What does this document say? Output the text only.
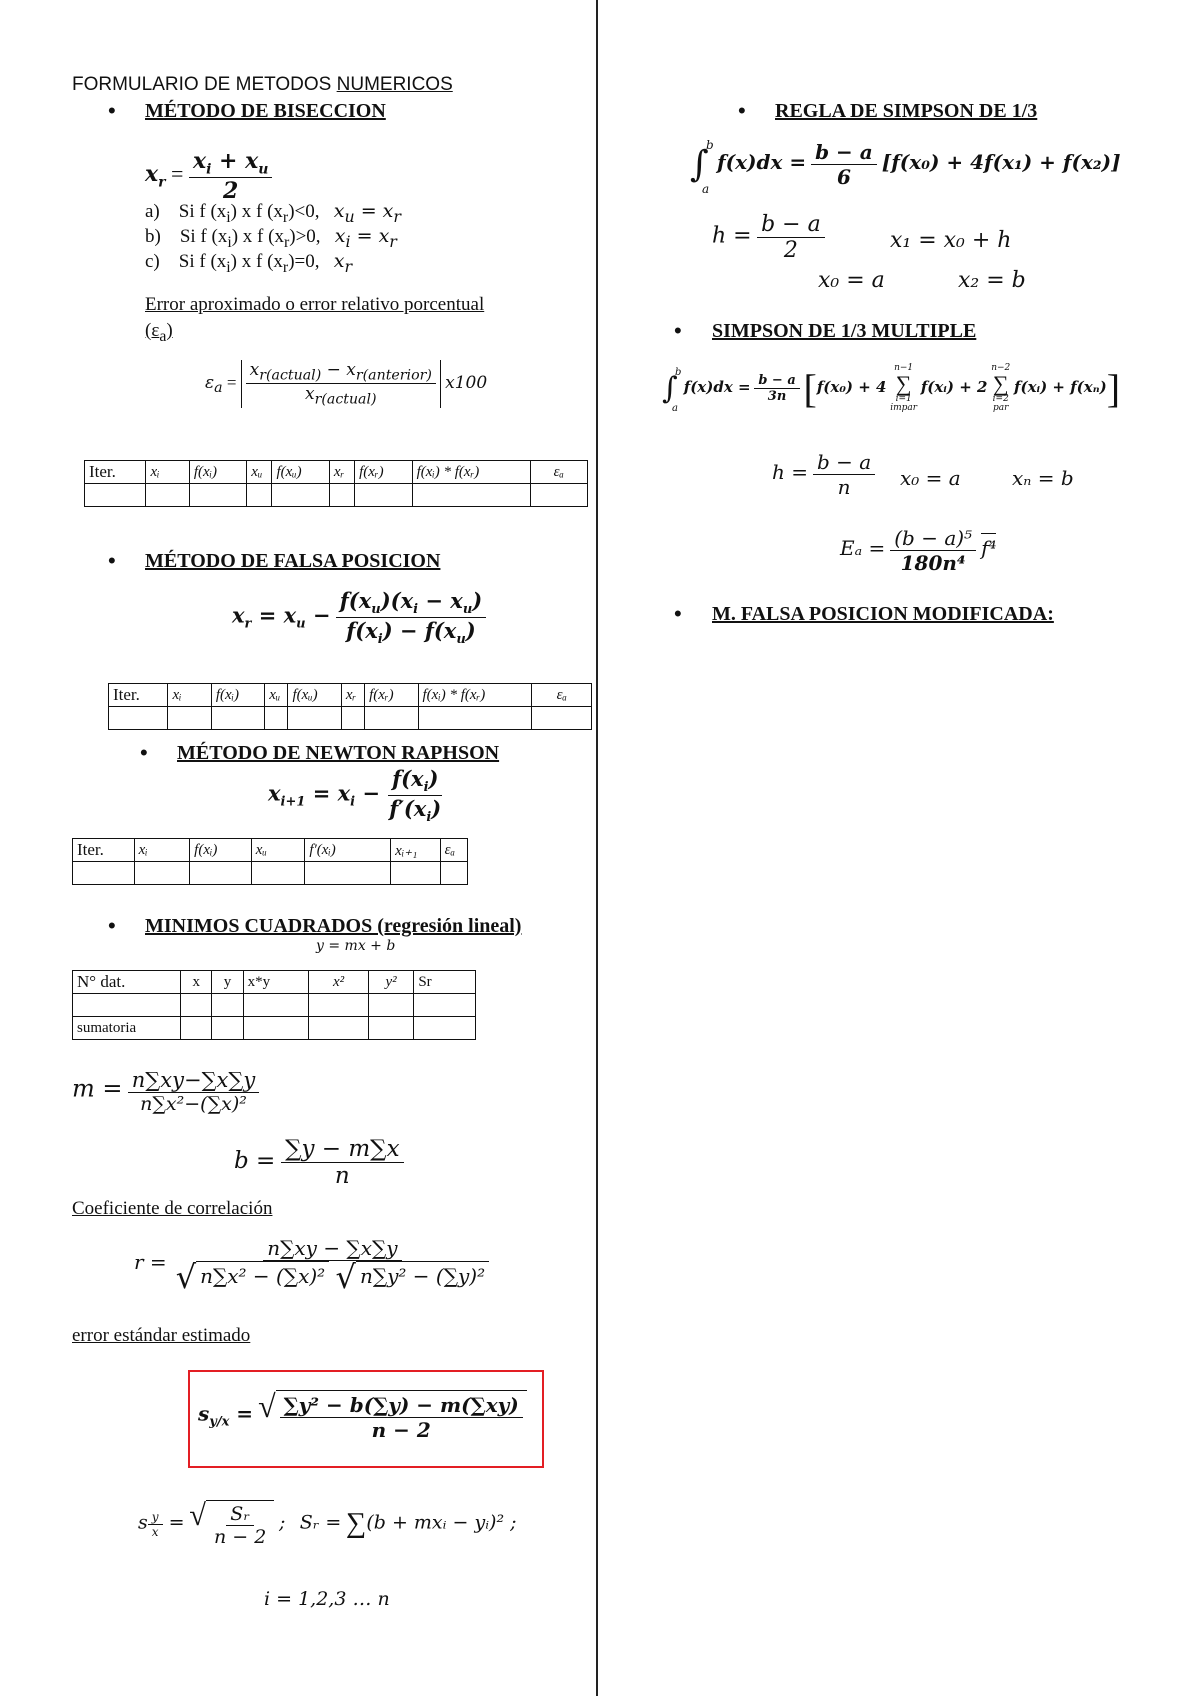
FORMULARIO DE METODOS NUMERICOS
• MÉTODO DE BISECCION
$x_r = \frac{x_i + x_u}{2}$
a) Si f $(x_i)$ x f $(x_r)<0$, $x_u = x_r$
b) Si f $(x_i)$ x f $(x_r)>0$, $x_i = x_r$
c) Si f $(x_i)$ x f $(x_r)=0$, $x_r$
Error aproximado o error relativo porcentual
$(\varepsilon_a)$
$\varepsilon_a = \frac{x_{r(actual)} - x_{r(anterior)}}{x_{r(actual)}} x100$
Iter.	xᵢ	f(xᵢ)	xᵤ	f(xᵤ)	xᵣ	f(xᵣ)	f(xᵢ) * f(xᵣ)	εₐ

• MÉTODO DE FALSA POSICION
$x_r = x_u - \frac{f(x_u)(x_i - x_u)}{f(x_i) - f(x_u)}$
Iter.	xᵢ	f(xᵢ)	xᵤ	f(xᵤ)	xᵣ	f(xᵣ)	f(xᵢ) * f(xᵣ)	εₐ

• MÉTODO DE NEWTON RAPHSON
$x_{i+1} = x_i - \frac{f(x_i)}{f'(x_i)}$
Iter.	xᵢ	f(xᵢ)	xᵤ	f′(xᵢ)	xᵢ₊₁	εₐ

• MINIMOS CUADRADOS (regresión lineal)
y = mx + b
N° dat.	x	y	x*y	x²	y²	Sr

sumatoria						
$m = \frac{n\sum xy-\sum x\sum y}{\text{n∑x²−(∑x)²}}$
$b = \frac{\sum y - m\sum x}{n}$
Coeficiente de correlación
r = n∑xy − ∑x∑y
√ n∑x² − (∑x)²
√ n∑y² − (∑y)²
error estándar estimado
$s_{y/x}$ = √ $\frac{\text{∑y² − b(∑y) − m(∑xy)}}{n - 2}$
s $\frac{y}{x}$ = √ $\frac{\text{Sᵣ}}{n - 2}$ ; Sᵣ = ∑(b + mxᵢ − yᵢ)² ;
i = 1,2,3 … n
• REGLA DE SIMPSON DE 1/3
∫
b
a
$f(x)dx = \frac{b - a}{6} [f(x_0) + 4f(x_1) + f(x_2)]$
$h = \frac{b - a}{2}$	x₁ = x₀ + h
x₀ = a	x₂ = b
• SIMPSON DE 1/3 MULTIPLE
∫
b
a
$f(x)dx = \frac{b - a}{3n} [f(x_0) + 4$
n−1
∑
i=1
impar
f(xᵢ) + 2
n−2
∑
i=2
par
f(xᵢ) + f(xₙ)]
$h = \frac{b - a}{n} x_0 = a$	xₙ = b
$E_a = \frac{\text{(b − a)⁵}}{\text{180n⁴}} f^4$
• M. FALSA POSICION MODIFICADA:
